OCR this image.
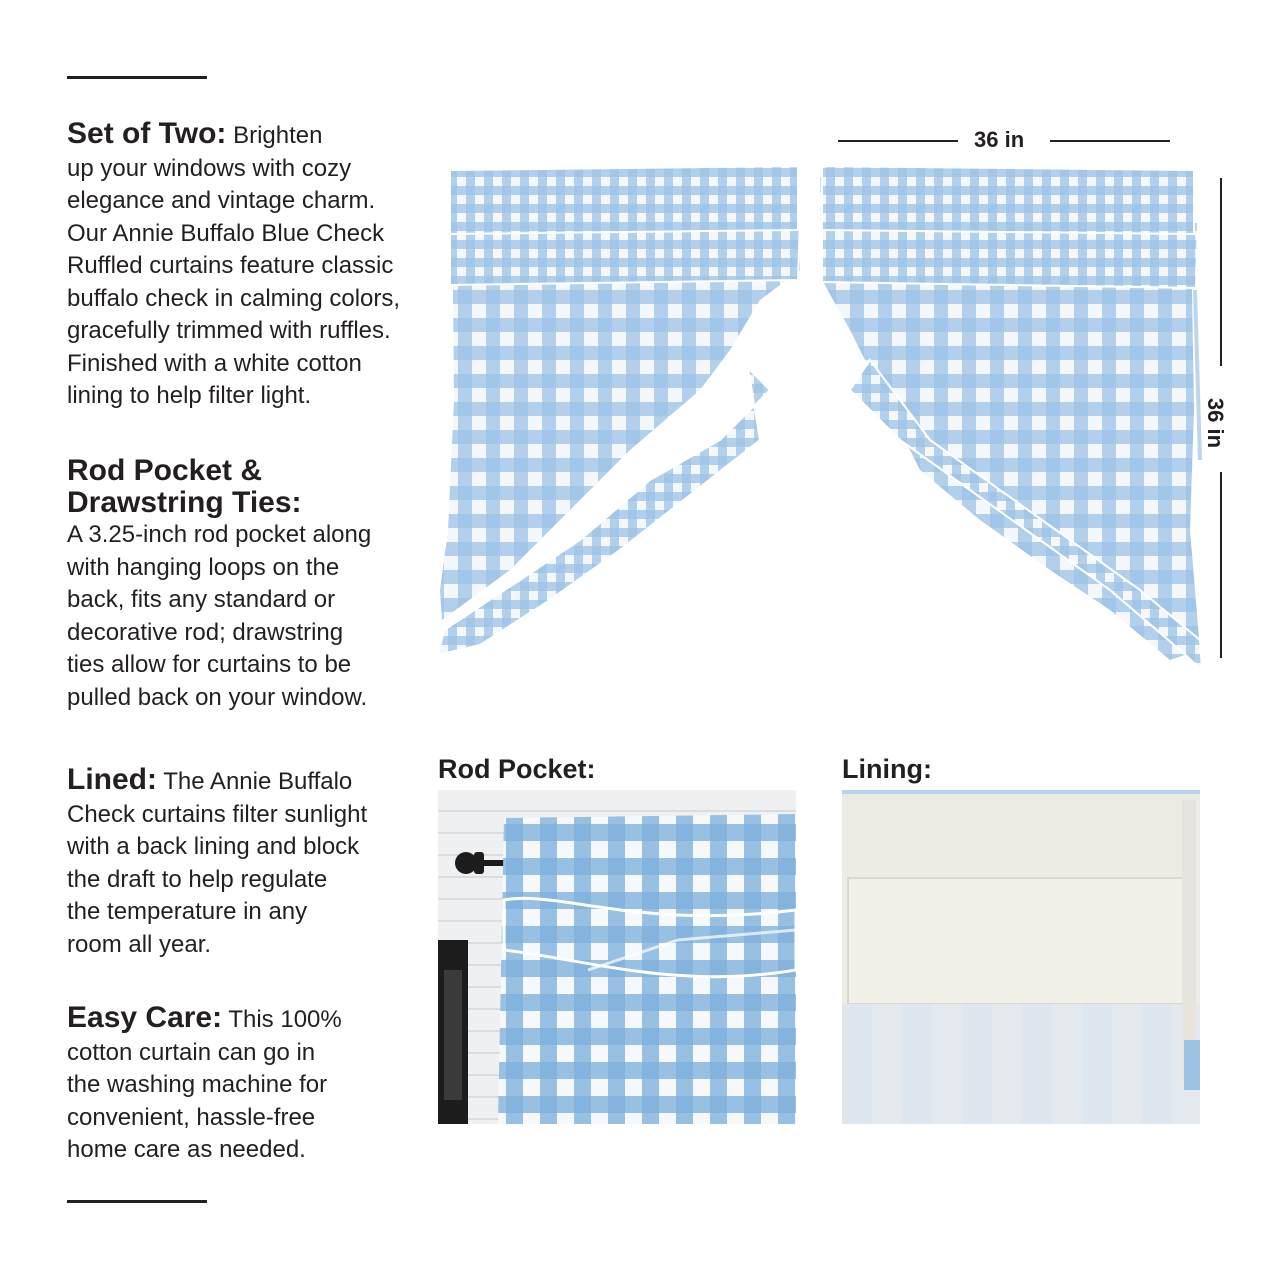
Set of Two: Brighten
up your windows with cozy
elegance and vintage charm.
Our Annie Buffalo Blue Check
Ruffled curtains feature classic
buffalo check in calming colors,
gracefully trimmed with ruffles.
Finished with a white cotton
lining to help filter light.
Rod Pocket &
Drawstring Ties:
A 3.25-inch rod pocket along
with hanging loops on the
back, fits any standard or
decorative rod; drawstring
ties allow for curtains to be
pulled back on your window.
Lined: The Annie Buffalo
Check curtains filter sunlight
with a back lining and block
the draft to help regulate
the temperature in any
room all year.
Easy Care: This 100%
cotton curtain can go in
the washing machine for
convenient, hassle-free
home care as needed.
36 in
36 in
Rod Pocket:	Lining:
